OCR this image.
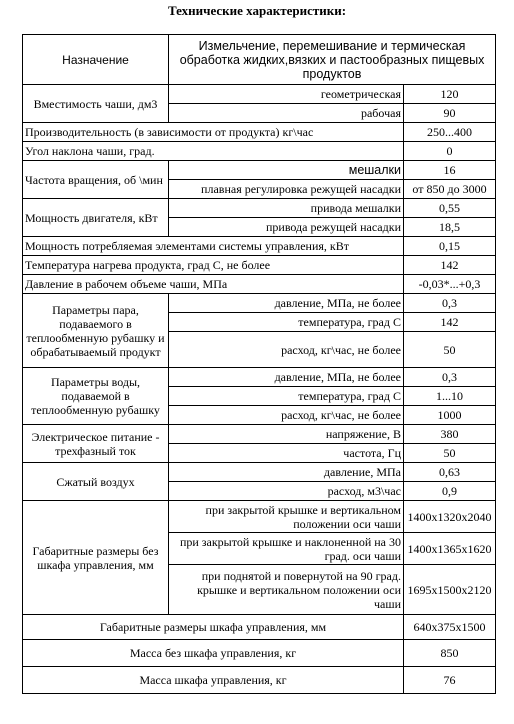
Технические характеристики:
Назначение	Измельчение, перемешивание и термическая обработка жидких,вязких и пастообразных пищевых продуктов	
Вместимость чаши, дм3	геометрическая	120
	рабочая	90
Производительность (в зависимости от продукта) кг\час		250...400
Угол наклона чаши, град.		0
Частота вращения, об \мин	мешалки	16
	плавная регулировка режущей насадки	от 850 до 3000
Мощность двигателя, кВт	привода мешалки	0,55
	привода режущей насадки	18,5
Мощность потребляемая элементами системы управления, кВт		0,15
Температура нагрева продукта, град С, не более		142
Давление в рабочем объеме чаши, МПа		-0,03*...+0,3
Параметры пара, подаваемого в теплообменную рубашку и обрабатываемый продукт	давление, МПа, не более	0,3
	температура, град С	142
	расход, кг\час, не более	50
Параметры воды, подаваемой в теплообменную рубашку	давление, МПа, не более	0,3
	температура, град С	1...10
	расход, кг\час, не более	1000
Электрическое питание - трехфазный ток	напряжение, В	380
	частота, Гц	50
Сжатый воздух	давление, МПа	0,63
	расход, м3\час	0,9
Габаритные размеры без шкафа управления, мм	при закрытой крышке и вертикальном положении оси чаши	1400х1320х2040
	при закрытой крышке и наклоненной на 30 град. оси чаши	1400х1365х1620
	при поднятой и повернутой на 90 град. крышке и вертикальном положении оси чаши	1695х1500х2120
Габаритные размеры шкафа управления, мм		640х375х1500
Масса без шкафа управления, кг		850
Масса шкафа управления, кг		76
